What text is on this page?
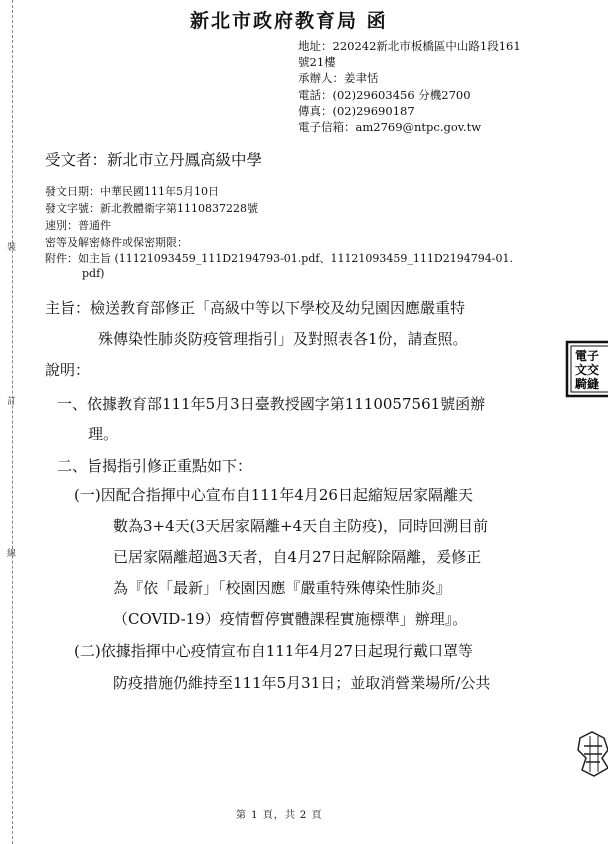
裝
訂
線
新北市政府教育局 函
地址：220242新北市板橋區中山路1段161
號21樓
承辦人：姜聿恬
電話：(02)29603456 分機2700
傳真：(02)29690187
電子信箱：am2769@ntpc.gov.tw
受文者：新北市立丹鳳高級中學
發文日期：中華民國111年5月10日
發文字號：新北教體衛字第1110837228號
速別：普通件
密等及解密條件或保密期限：
附件：如主旨 (11121093459_111D2194793-01.pdf、11121093459_111D2194794-01.
pdf)
主旨：檢送教育部修正「高級中等以下學校及幼兒園因應嚴重特
殊傳染性肺炎防疫管理指引」及對照表各1份，請查照。
說明：
一、依據教育部111年5月3日臺教授國字第1110057561號函辦
理。
二、旨揭指引修正重點如下：
(一)因配合指揮中心宣布自111年4月26日起縮短居家隔離天
數為3+4天(3天居家隔離+4天自主防疫)，同時回溯目前
已居家隔離超過3天者，自4月27日起解除隔離，爰修正
為『依「最新」「校園因應『嚴重特殊傳染性肺炎』
（COVID-19）疫情暫停實體課程實施標準」辦理』。
(二)依據指揮中心疫情宣布自111年4月27日起現行戴口罩等
防疫措施仍維持至111年5月31日；並取消營業場所/公共
電子
文交
騎縫
第 1 頁，共 2 頁
